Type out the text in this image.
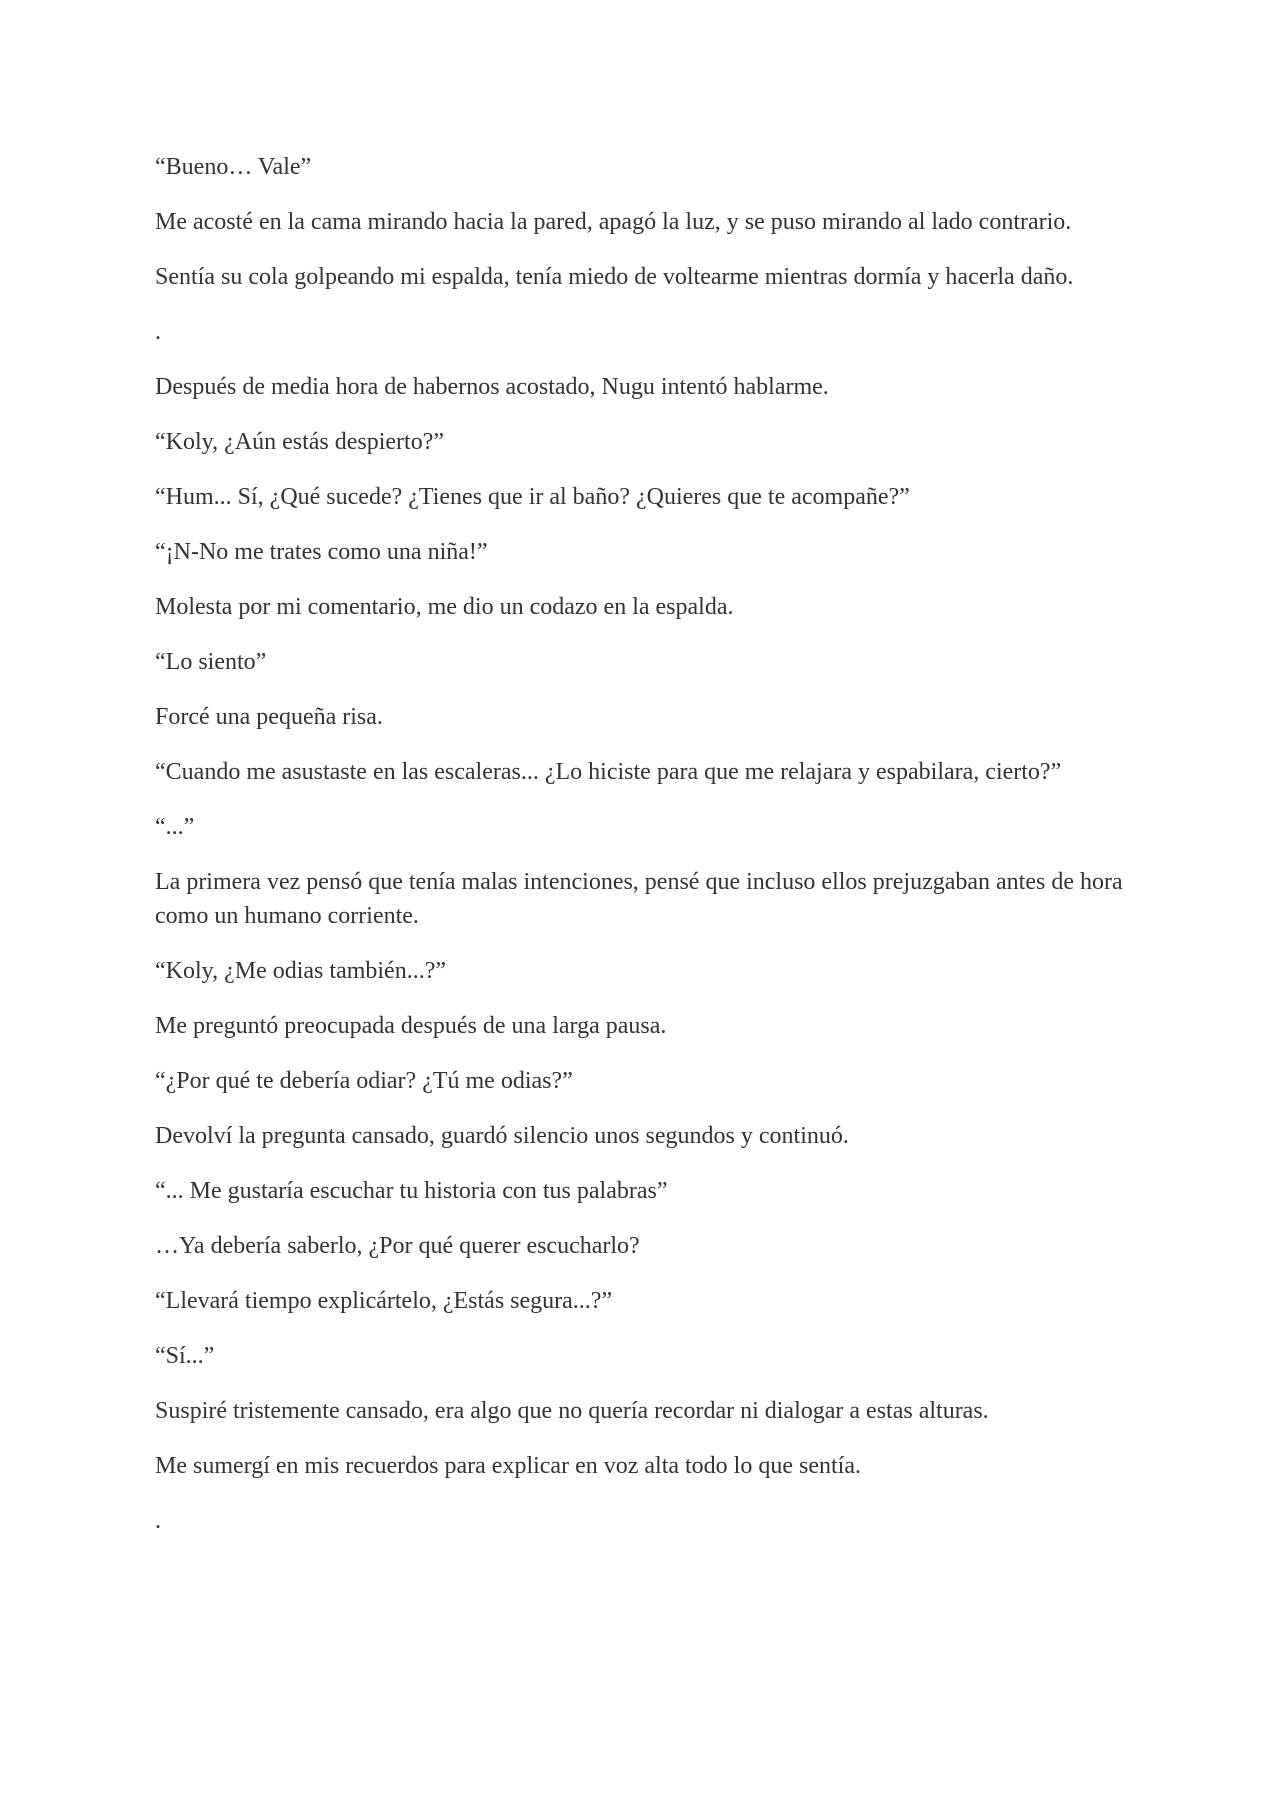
“Bueno… Vale”

Me acosté en la cama mirando hacia la pared, apagó la luz, y se puso mirando al lado contrario.

Sentía su cola golpeando mi espalda, tenía miedo de voltearme mientras dormía y hacerla daño.

.

Después de media hora de habernos acostado, Nugu intentó hablarme.

“Koly, ¿Aún estás despierto?”

“Hum... Sí, ¿Qué sucede? ¿Tienes que ir al baño? ¿Quieres que te acompañe?”

“¡N-No me trates como una niña!”

Molesta por mi comentario, me dio un codazo en la espalda.

“Lo siento”

Forcé una pequeña risa.

“Cuando me asustaste en las escaleras... ¿Lo hiciste para que me relajara y espabilara, cierto?”

“...”

La primera vez pensó que tenía malas intenciones, pensé que incluso ellos prejuzgaban antes de hora como un humano corriente.

“Koly, ¿Me odias también...?”

Me preguntó preocupada después de una larga pausa.

“¿Por qué te debería odiar? ¿Tú me odias?”

Devolví la pregunta cansado, guardó silencio unos segundos y continuó.

“... Me gustaría escuchar tu historia con tus palabras”

…Ya debería saberlo, ¿Por qué querer escucharlo?

“Llevará tiempo explicártelo, ¿Estás segura...?”

“Sí...”

Suspiré tristemente cansado, era algo que no quería recordar ni dialogar a estas alturas.

Me sumergí en mis recuerdos para explicar en voz alta todo lo que sentía.

.
